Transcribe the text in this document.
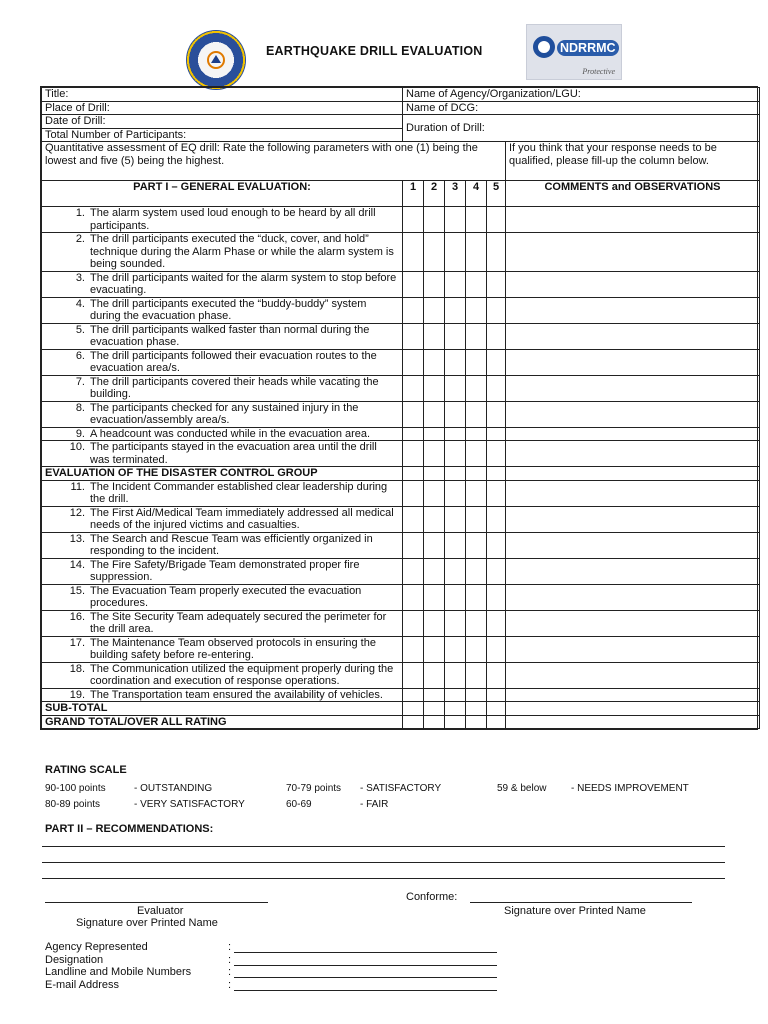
EARTHQUAKE DRILL EVALUATION	NDRRMC
Protective
Title:	Name of Agency/Organization/LGU:					
Place of Drill:	Name of DCG:					
Date of Drill:	Duration of Drill:					
Total Number of Participants:						
Quantitative assessment of EQ drill: Rate the following parameters with one (1) being the lowest and five (5) being the highest.						If you think that your response needs to be qualified, please fill-up the column below.
PART I – GENERAL EVALUATION:	1	2	3	4	5	COMMENTS and OBSERVATIONS

1. The alarm system used loud enough to be heard by all drill participants.						

2. The drill participants executed the “duck, cover, and hold” technique during the Alarm Phase or while the alarm system is being sounded.						

3. The drill participants waited for the alarm system to stop before evacuating.						

4. The drill participants executed the “buddy-buddy” system during the evacuation phase.						

5. The drill participants walked faster than normal during the evacuation phase.						

6. The drill participants followed their evacuation routes to the evacuation area/s.						

7. The drill participants covered their heads while vacating the building.						

8. The participants checked for any sustained injury in the evacuation/assembly area/s.						

9. A headcount was conducted while in the evacuation area.						

10. The participants stayed in the evacuation area until the drill was terminated.						

EVALUATION OF THE DISASTER CONTROL GROUP						

11. The Incident Commander established clear leadership during the drill.						

12. The First Aid/Medical Team immediately addressed all medical needs of the injured victims and casualties.						

13. The Search and Rescue Team was efficiently organized in responding to the incident.						

14. The Fire Safety/Brigade Team demonstrated proper fire suppression.						

15. The Evacuation Team properly executed the evacuation procedures.						

16. The Site Security Team adequately secured the perimeter for the drill area.						

17. The Maintenance Team observed protocols in ensuring the building safety before re-entering.						

18. The Communication utilized the equipment properly during the coordination and execution of response operations.						

19. The Transportation team ensured the availability of vehicles.						

SUB-TOTAL						
GRAND TOTAL/OVER ALL RATING						
RATING SCALE
90-100 points	- OUTSTANDING	70-79 points - SATISFACTORY	59 & below - NEEDS IMPROVEMENT
80-89 points	- VERY SATISFACTORY	60-69	- FAIR
PART II – RECOMMENDATIONS:
Conforme:
Evaluator	Signature over Printed Name
Signature over Printed Name
Agency Represented	:
Designation	:
Landline and Mobile Numbers	:
E-mail Address	:
